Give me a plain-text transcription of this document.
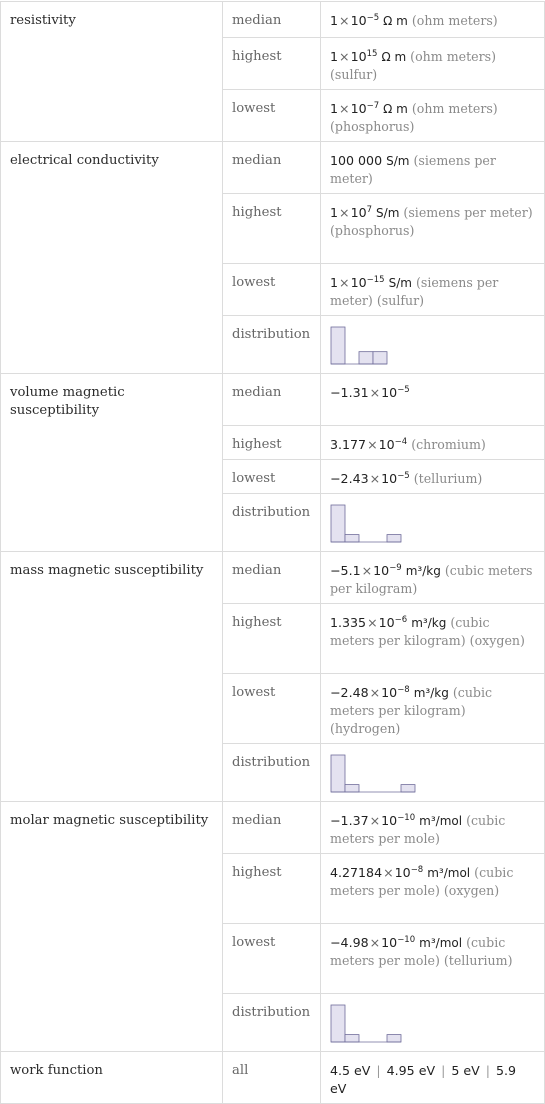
resistivity	median	$1\times 10^{-5}$ Ω m (ohm meters)
	highest	$1\times 10^{15}$ Ω m (ohm meters) (sulfur)
	lowest	$1\times 10^{-7}$ Ω m (ohm meters) (phosphorus)
electrical conductivity	median	100 000 S/m (siemens per meter)
	highest	$1\times 10^7$ S/m (siemens per meter) (phosphorus)
	lowest	$1\times 10^{-15}$ S/m (siemens per meter) (sulfur)
	distribution	

volume magnetic susceptibility	median	$-1.31\times 10^{-5}$
	highest	$3.177\times 10^{-4}$ (chromium)
	lowest	$-2.43\times 10^{-5}$ (tellurium)
	distribution	

mass magnetic susceptibility	median	$-5.1\times 10^{-9}$ m³/kg (cubic meters per kilogram)
	highest	$1.335\times 10^{-6}$ m³/kg (cubic meters per kilogram) (oxygen)
	lowest	$-2.48\times 10^{-8}$ m³/kg (cubic meters per kilogram) (hydrogen)
	distribution	

molar magnetic susceptibility	median	$-1.37\times 10^{-10}$ m³/mol (cubic meters per mole)
	highest	$4.27184\times 10^{-8}$ m³/mol (cubic meters per mole) (oxygen)
	lowest	$-4.98\times 10^{-10}$ m³/mol (cubic meters per mole) (tellurium)
	distribution	

work function	all	4.5 eV | 4.95 eV | 5 eV | 5.9 eV
